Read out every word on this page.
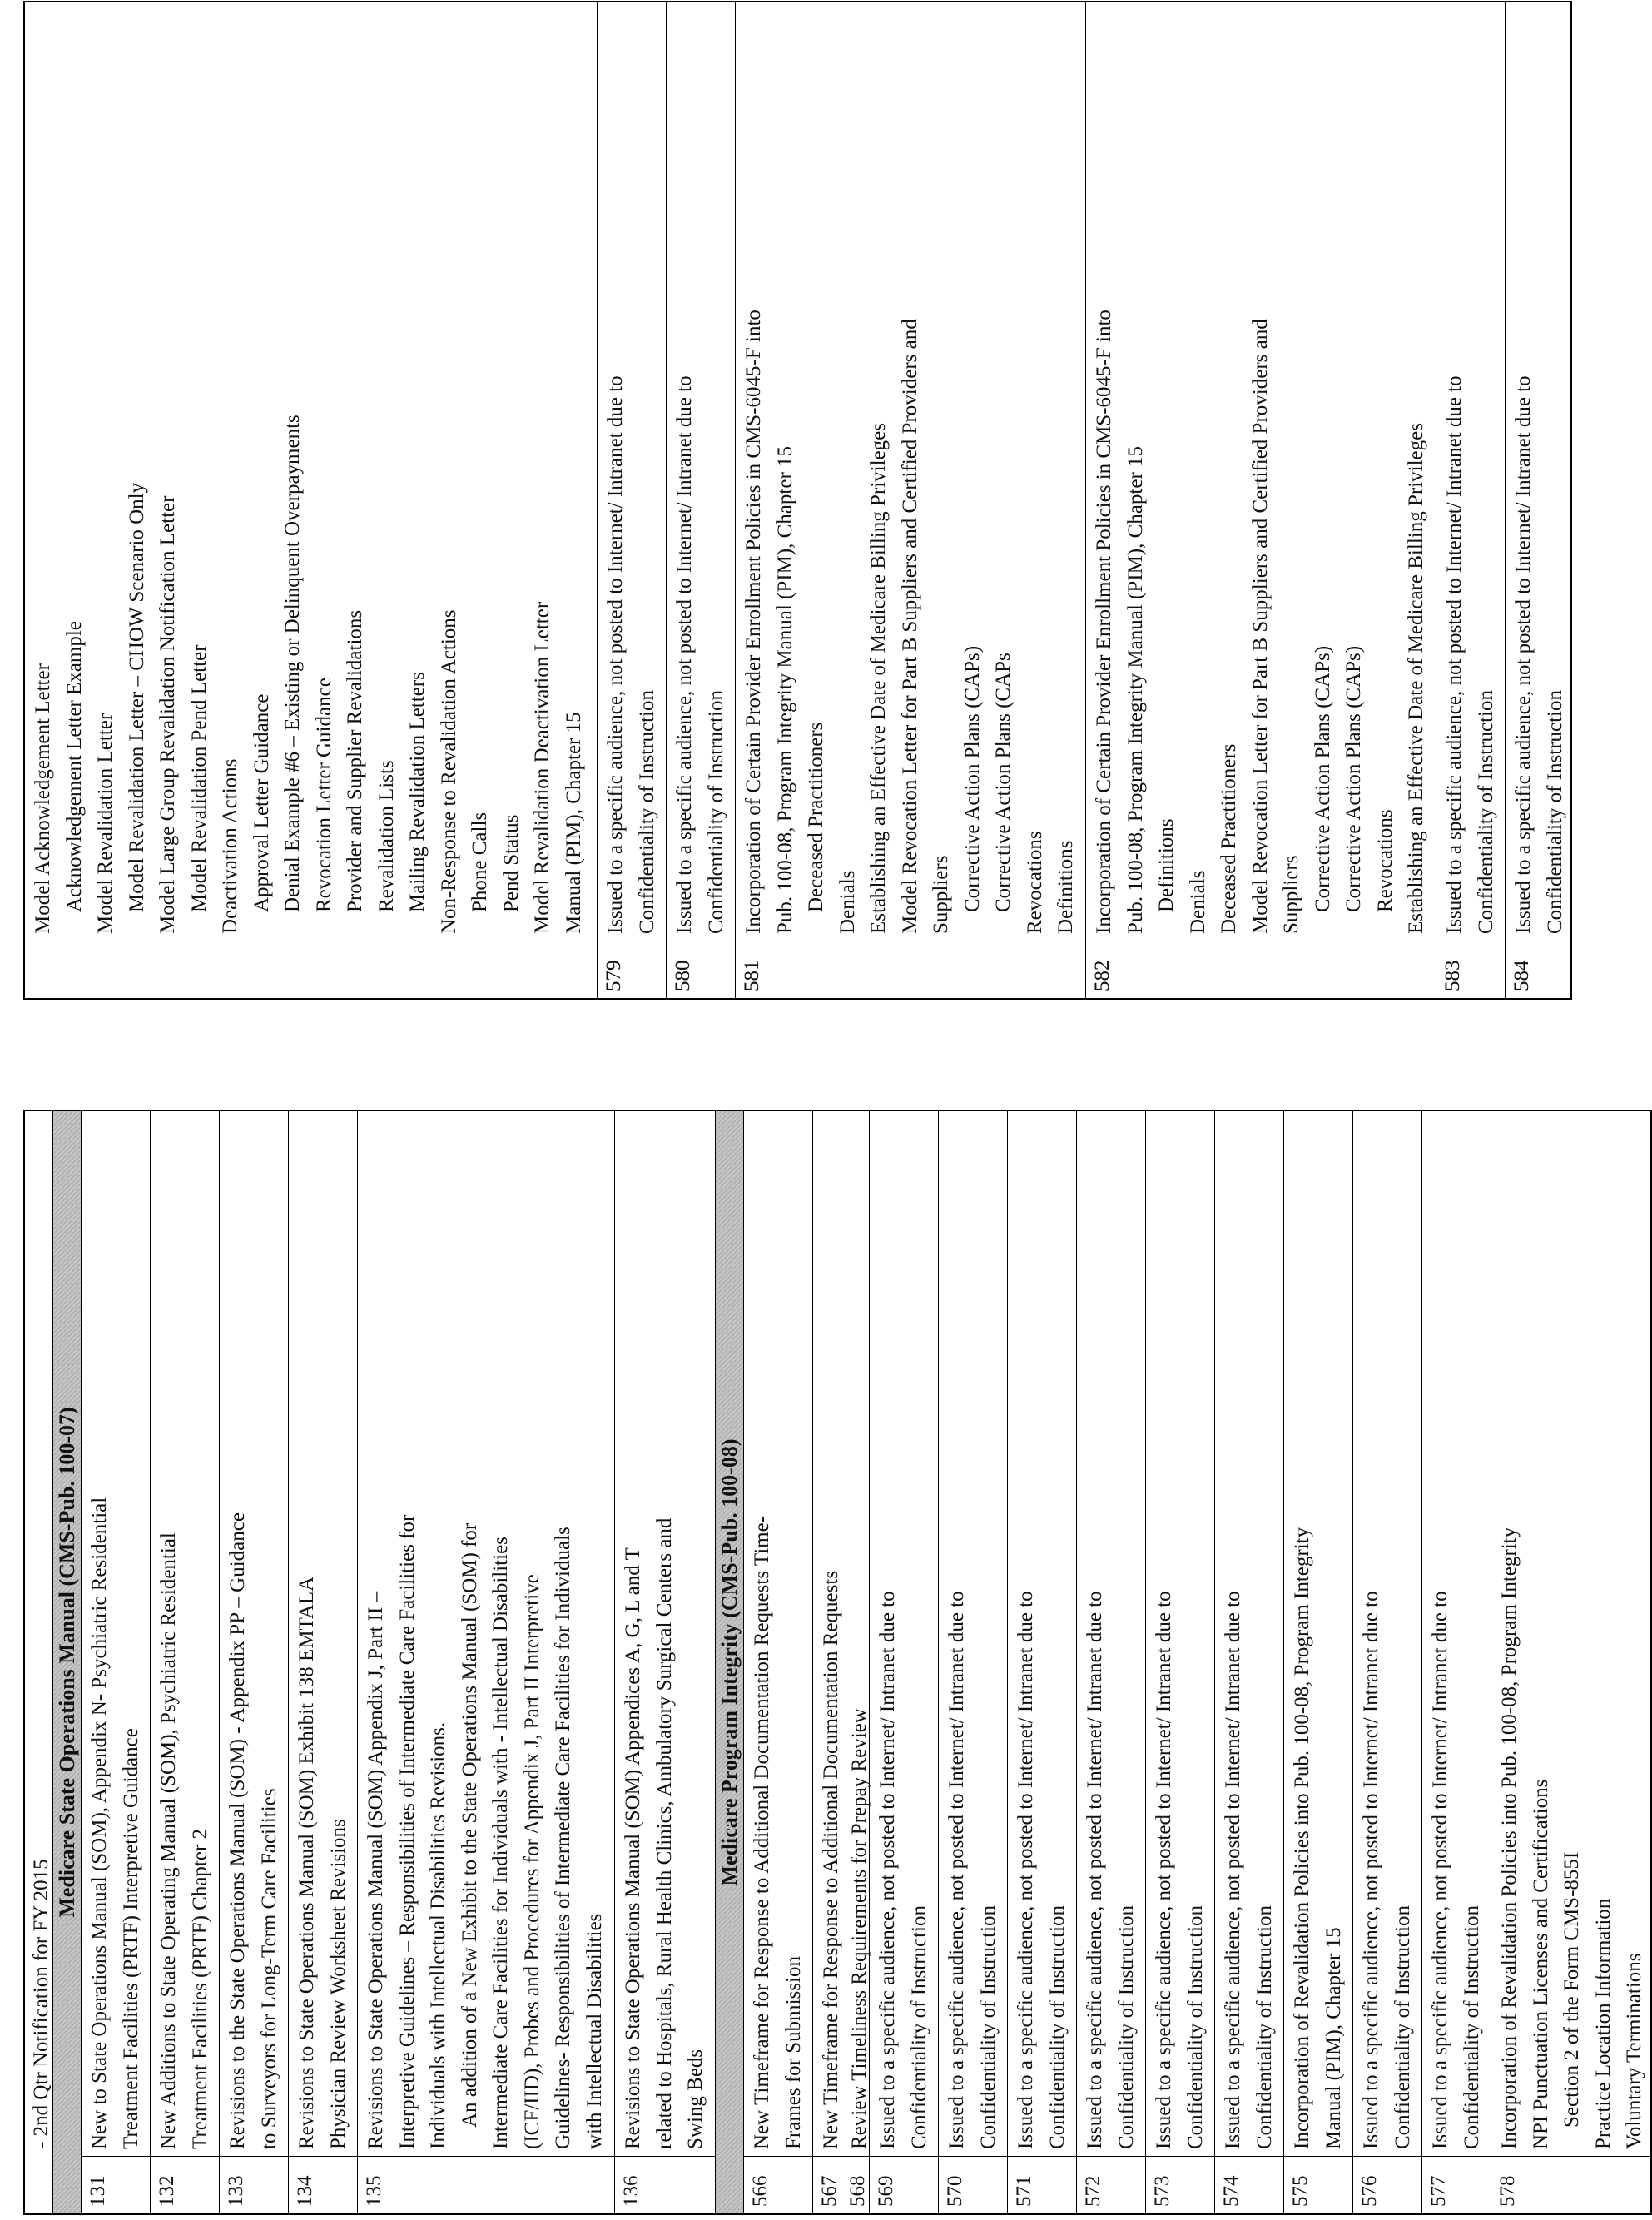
- 2nd Qtr Notification for FY 2015
Medicare State Operations Manual (CMS-Pub. 100-07)
131
New to State Operations Manual (SOM), Appendix N- Psychiatric Residential Treatment Facilities (PRTF) Interpretive Guidance
132
New Additions to State Operating Manual (SOM), Psychiatric Residential Treatment Facilities (PRTF) Chapter 2
133
Revisions to the State Operations Manual (SOM) - Appendix PP – Guidance to Surveyors for Long-Term Care Facilities
134
Revisions to State Operations Manual (SOM) Exhibit 138 EMTALA Physician Review Worksheet Revisions
135
Revisions to State Operations Manual (SOM) Appendix J, Part II – Interpretive Guidelines – Responsibilities of Intermediate Care Facilities for Individuals with Intellectual Disabilities Revisions. An addition of a New Exhibit to the State Operations Manual (SOM) for Intermediate Care Facilities for Individuals with - Intellectual Disabilities (ICF/IID), Probes and Procedures for Appendix J, Part II Interpretive Guidelines- Responsibilities of Intermediate Care Facilities for Individuals with Intellectual Disabilities
136
Revisions to State Operations Manual (SOM) Appendices A, G, L and T related to Hospitals, Rural Health Clinics, Ambulatory Surgical Centers and Swing Beds
Medicare Program Integrity (CMS-Pub. 100-08)
566
New Timeframe for Response to Additional Documentation Requests Time- Frames for Submission
567
New Timeframe for Response to Additional Documentation Requests
568
Review Timeliness Requirements for Prepay Review
569
Issued to a specific audience, not posted to Internet/ Intranet due to Confidentiality of Instruction
570
Issued to a specific audience, not posted to Internet/ Intranet due to Confidentiality of Instruction
571
Issued to a specific audience, not posted to Internet/ Intranet due to Confidentiality of Instruction
572
Issued to a specific audience, not posted to Internet/ Intranet due to Confidentiality of Instruction
573
Issued to a specific audience, not posted to Internet/ Intranet due to Confidentiality of Instruction
574
Issued to a specific audience, not posted to Internet/ Intranet due to Confidentiality of Instruction
575
Incorporation of Revalidation Policies into Pub. 100-08, Program Integrity Manual (PIM), Chapter 15
576
Issued to a specific audience, not posted to Internet/ Intranet due to Confidentiality of Instruction
577
Issued to a specific audience, not posted to Internet/ Intranet due to Confidentiality of Instruction
578
Incorporation of Revalidation Policies into Pub. 100-08, Program Integrity NPI Punctuation Licenses and Certifications Section 2 of the Form CMS-855I Practice Location Information Voluntary Terminations
Model Acknowledgement Letter Acknowledgement Letter Example Model Revalidation Letter Model Revalidation Letter – CHOW Scenario Only Model Large Group Revalidation Notification Letter Model Revalidation Pend Letter Deactivation Actions Approval Letter Guidance Denial Example #6 – Existing or Delinquent Overpayments Revocation Letter Guidance Provider and Supplier Revalidations Revalidation Lists Mailing Revalidation Letters Non-Response to Revalidation Actions Phone Calls Pend Status Model Revalidation Deactivation Letter Manual (PIM), Chapter 15
579
Issued to a specific audience, not posted to Internet/ Intranet due to Confidentiality of Instruction
580
Issued to a specific audience, not posted to Internet/ Intranet due to Confidentiality of Instruction
581
Incorporation of Certain Provider Enrollment Policies in CMS-6045-F into Pub. 100-08, Program Integrity Manual (PIM), Chapter 15 Deceased Practitioners Denials Establishing an Effective Date of Medicare Billing Privileges Model Revocation Letter for Part B Suppliers and Certified Providers and Suppliers Corrective Action Plans (CAPs) Corrective Action Plans (CAPs Revocations Definitions
582
Incorporation of Certain Provider Enrollment Policies in CMS-6045-F into Pub. 100-08, Program Integrity Manual (PIM), Chapter 15 Definitions Denials Deceased Practitioners Model Revocation Letter for Part B Suppliers and Certified Providers and Suppliers Corrective Action Plans (CAPs) Corrective Action Plans (CAPs) Revocations Establishing an Effective Date of Medicare Billing Privileges
583
Issued to a specific audience, not posted to Internet/ Intranet due to Confidentiality of Instruction
584
Issued to a specific audience, not posted to Internet/ Intranet due to Confidentiality of Instruction
